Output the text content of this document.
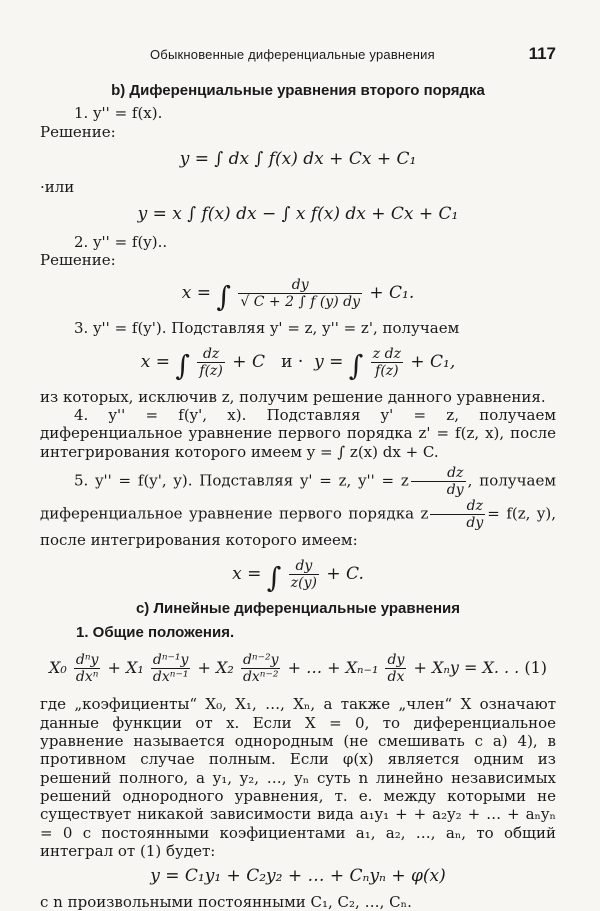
Обыкновенные диференциальные уравнения	117
b) Диференциальные уравнения второго порядка

1. y'' = f(x).

Решение:

y = ∫ dx ∫ f(x) dx + Cx + C₁

·или

y = x ∫ f(x) dx − ∫ x f(x) dx + Cx + C₁

2. y'' = f(y)..

Решение:

x = ∫ $\frac{dy}{√ C + 2 \int f (y) dy} + C_1$.

3. y'' = f(y'). Подставляя y' = z, y'' = z', получаем

x = ∫ $\frac{dz}{f(z)} + C$ и · y = ∫ $\frac{\text{z dz}}{f(z)} + C_1$,

из которых, исключив z, получим решение данного уравнения.

4. y'' = f(y', x). Подставляя y' = z, получаем диференциальное уравнение первого порядка z' = f(z, x), после интегрирования которого имеем y = ∫ z(x) dx + C.

5. y'' = f(y', y). Подставляя y' = z, y'' = z $\frac{dz}{dy}$ , получаем диференциальное уравнение первого порядка z $\frac{dz}{dy} = f(z$, y), после интегрирования которого имеем:

x = ∫ $\frac{dy}{z(y)} + C$.
c) Линейные диференциальные уравнения
1. Общие положения.
$X_0 \frac{\text{dⁿy}}{\text{dxⁿ}} + X_1 \frac{\text{dⁿ⁻¹y}}{\text{dxⁿ⁻¹}} + X_2 \frac{\text{dⁿ⁻²y}}{\text{dxⁿ⁻²}}$ + … + $X_{n-1} \frac{dy}{dx} + X_ny = X$. . . (1)

где „коэфициенты“ X₀, X₁, …, Xₙ, а также „член“ X означают данные функции от x. Если X = 0, то диференциальное уравнение называется однородным (не смешивать с а) 4), в противном случае полным. Если φ(x) является одним из решений полного, а y₁, y₂, …, yₙ суть n линейно независимых решений однородного уравнения, т. е. между которыми не существует никакой зависимости вида a₁y₁ + + a₂y₂ + … + aₙyₙ = 0 с постоянными коэфициентами a₁, a₂, …, aₙ, то общий интеграл от (1) будет:

y = C₁y₁ + C₂y₂ + … + Cₙyₙ + φ(x)

с n произвольными постоянными C₁, C₂, …, Cₙ.
